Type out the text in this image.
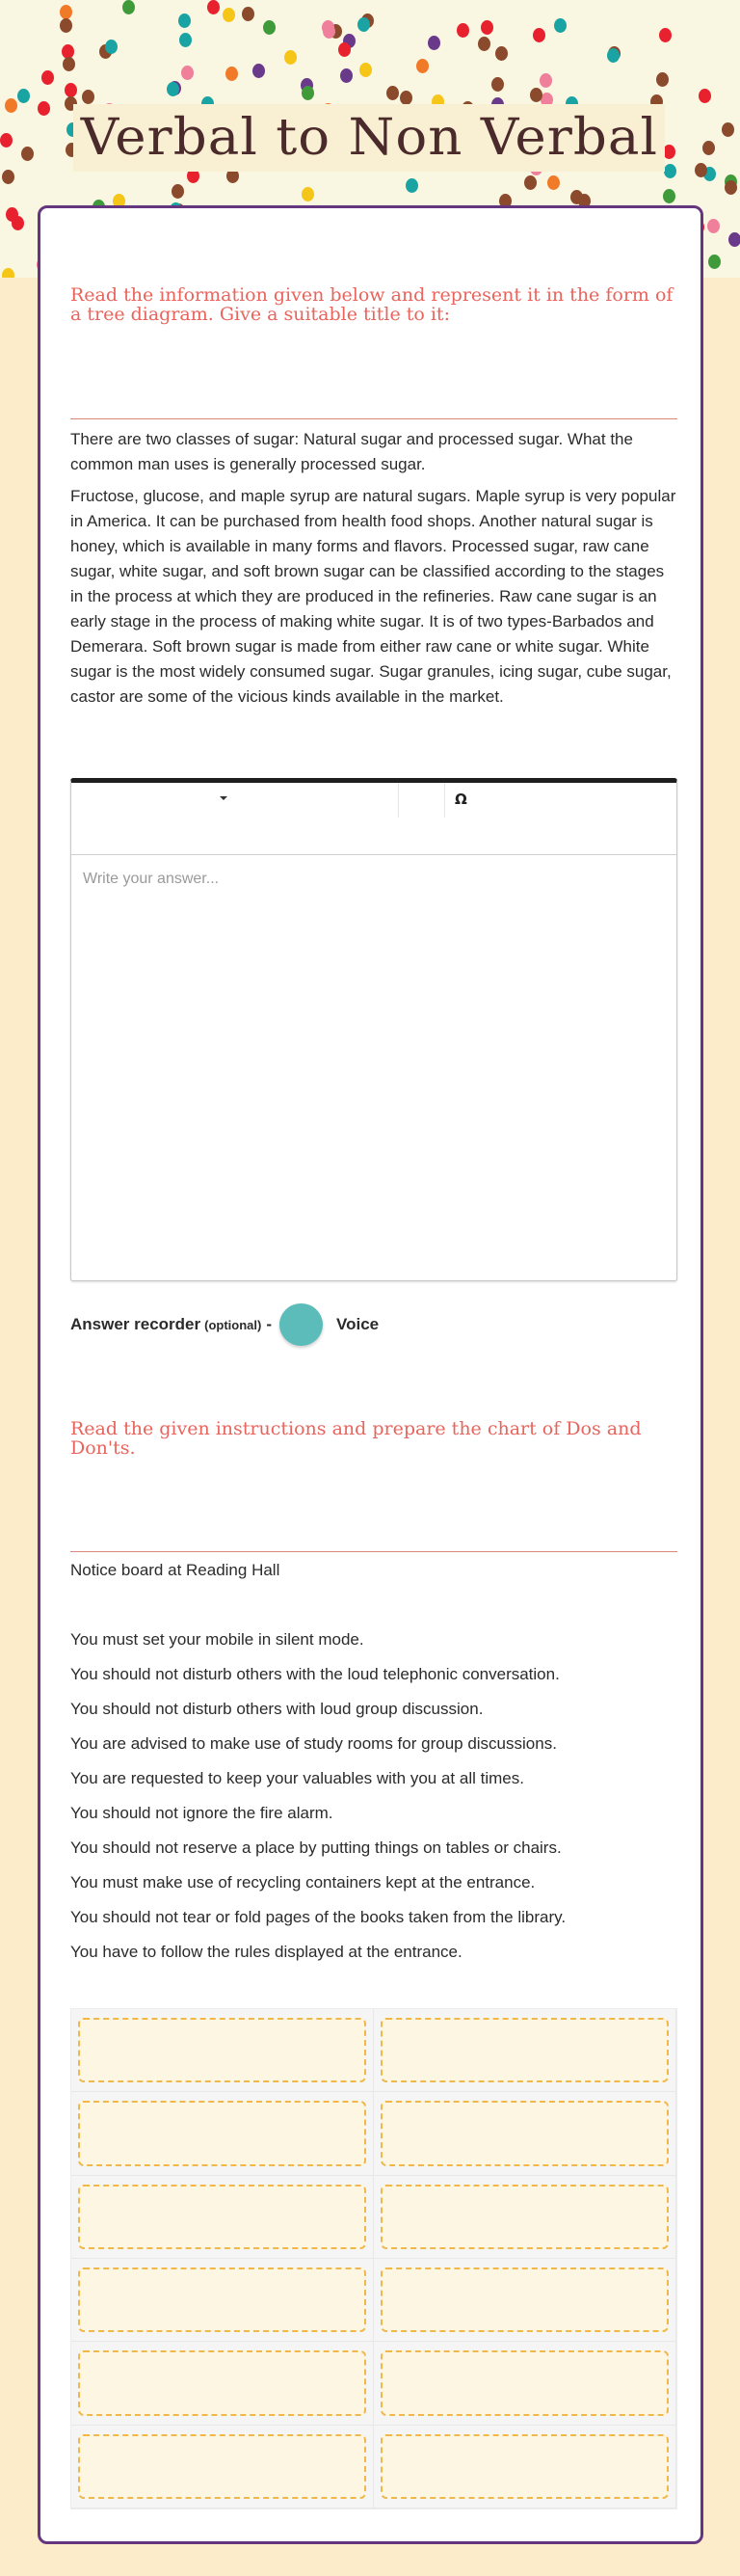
Verbal to Non Verbal
Read the information given below and represent it in the form of a tree diagram. Give a suitable title to it:

There are two classes of sugar: Natural sugar and processed sugar. What the common man uses is generally processed sugar.

Fructose, glucose, and maple syrup are natural sugars. Maple syrup is very popular in America. It can be purchased from health food shops. Another natural sugar is honey, which is available in many forms and flavors. Processed sugar, raw cane sugar, white sugar, and soft brown sugar can be classified according to the stages in the process at which they are produced in the refineries. Raw cane sugar is an early stage in the process of making white sugar. It is of two types-Barbados and Demerara. Soft brown sugar is made from either raw cane or white sugar. White sugar is the most widely consumed sugar. Sugar granules, icing sugar, cube sugar, castor are some of the vicious kinds available in the market.

Ω
Write your answer...
Answer recorder (optional) -	Voice
Read the given instructions and prepare the chart of Dos and Don'ts.
Notice board at Reading Hall
You must set your mobile in silent mode.
You should not disturb others with the loud telephonic conversation.
You should not disturb others with loud group discussion.
You are advised to make use of study rooms for group discussions.
You are requested to keep your valuables with you at all times.
You should not ignore the fire alarm.
You should not reserve a place by putting things on tables or chairs.
You must make use of recycling containers kept at the entrance.
You should not tear or fold pages of the books taken from the library.
You have to follow the rules displayed at the entrance.
